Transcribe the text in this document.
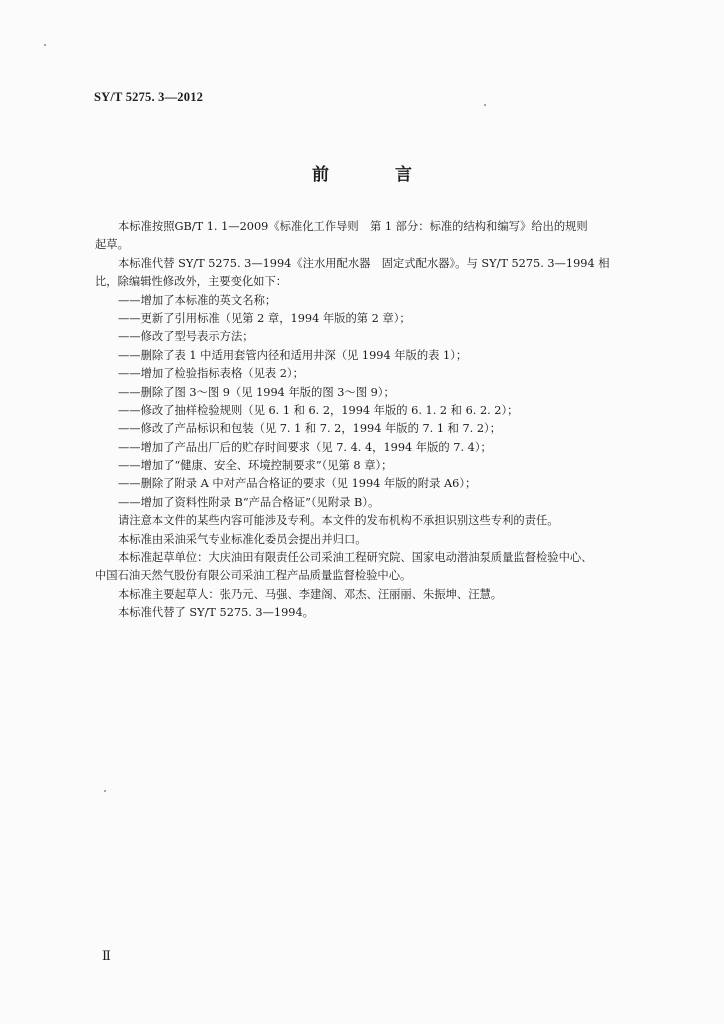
SY/T 5275. 3—2012
前 言
本标准按照GB/T 1. 1—2009《标准化工作导则　第 1 部分：标准的结构和编写》给出的规则
起草。
本标准代替 SY/T 5275. 3—1994《注水用配水器　固定式配水器》。与 SY/T 5275. 3—1994 相
比，除编辑性修改外，主要变化如下：
——增加了本标准的英文名称；
——更新了引用标准（见第 2 章，1994 年版的第 2 章）；
——修改了型号表示方法；
——删除了表 1 中适用套管内径和适用井深（见 1994 年版的表 1）；
——增加了检验指标表格（见表 2）；
——删除了图 3～图 9（见 1994 年版的图 3～图 9）；
——修改了抽样检验规则（见 6. 1 和 6. 2，1994 年版的 6. 1. 2 和 6. 2. 2）；
——修改了产品标识和包装（见 7. 1 和 7. 2，1994 年版的 7. 1 和 7. 2）；
——增加了产品出厂后的贮存时间要求（见 7. 4. 4，1994 年版的 7. 4）；
——增加了“健康、安全、环境控制要求”（见第 8 章）；
——删除了附录 A 中对产品合格证的要求（见 1994 年版的附录 A6）；
——增加了资料性附录 B“产品合格证”（见附录 B）。
请注意本文件的某些内容可能涉及专利。本文件的发布机构不承担识别这些专利的责任。
本标准由采油采气专业标准化委员会提出并归口。
本标准起草单位：大庆油田有限责任公司采油工程研究院、国家电动潜油泵质量监督检验中心、
中国石油天然气股份有限公司采油工程产品质量监督检验中心。
本标准主要起草人：张乃元、马强、李建阁、邓杰、汪丽丽、朱振坤、汪慧。
本标准代替了 SY/T 5275. 3—1994。
Ⅱ
